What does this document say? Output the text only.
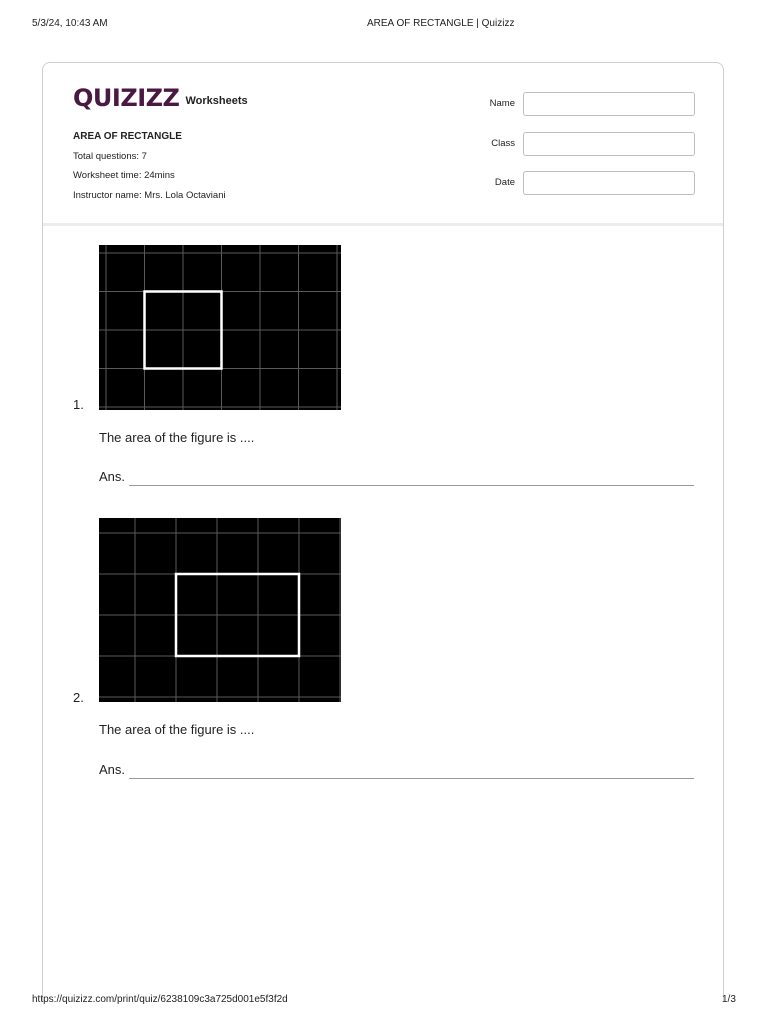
5/3/24, 10:43 AM	AREA OF RECTANGLE | Quizizz
QUIZIZZ Worksheets
AREA OF RECTANGLE
Total questions: 7
Worksheet time: 24mins
Instructor name: Mrs. Lola Octaviani
Name
Class
Date
1.
The area of the figure is ....
Ans.
2.
The area of the figure is ....
Ans.
https://quizizz.com/print/quiz/6238109c3a725d001e5f3f2d	1/3
